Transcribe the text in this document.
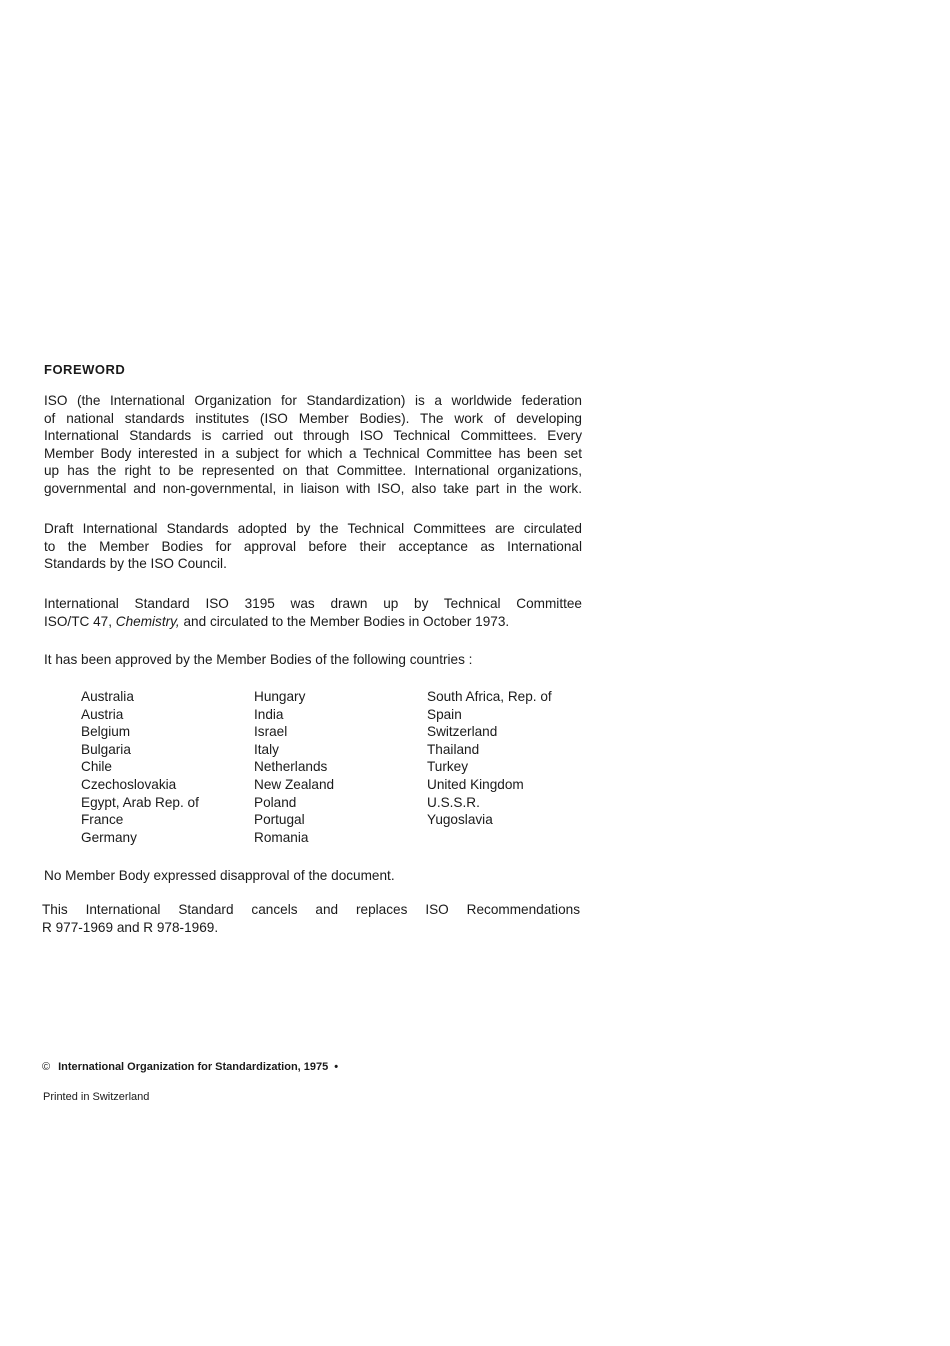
FOREWORD
ISO (the International Organization for Standardization) is a worldwide federation
of national standards institutes (ISO Member Bodies). The work of developing
International Standards is carried out through ISO Technical Committees. Every
Member Body interested in a subject for which a Technical Committee has been set
up has the right to be represented on that Committee. International organizations,
governmental and non-governmental, in liaison with ISO, also take part in the work.
Draft International Standards adopted by the Technical Committees are circulated
to the Member Bodies for approval before their acceptance as International
Standards by the ISO Council.
International Standard ISO 3195 was drawn up by Technical Committee
ISO/TC 47, Chemistry, and circulated to the Member Bodies in October 1973.
It has been approved by the Member Bodies of the following countries :
Australia
Austria
Belgium
Bulgaria
Chile
Czechoslovakia
Egypt, Arab Rep. of
France
Germany
Hungary
India
Israel
Italy
Netherlands
New Zealand
Poland
Portugal
Romania
South Africa, Rep. of
Spain
Switzerland
Thailand
Turkey
United Kingdom
U.S.S.R.
Yugoslavia
No Member Body expressed disapproval of the document.
This International Standard cancels and replaces ISO Recommendations
R 977-1969 and R 978-1969.
© International Organization for Standardization, 1975 •
Printed in Switzerland
